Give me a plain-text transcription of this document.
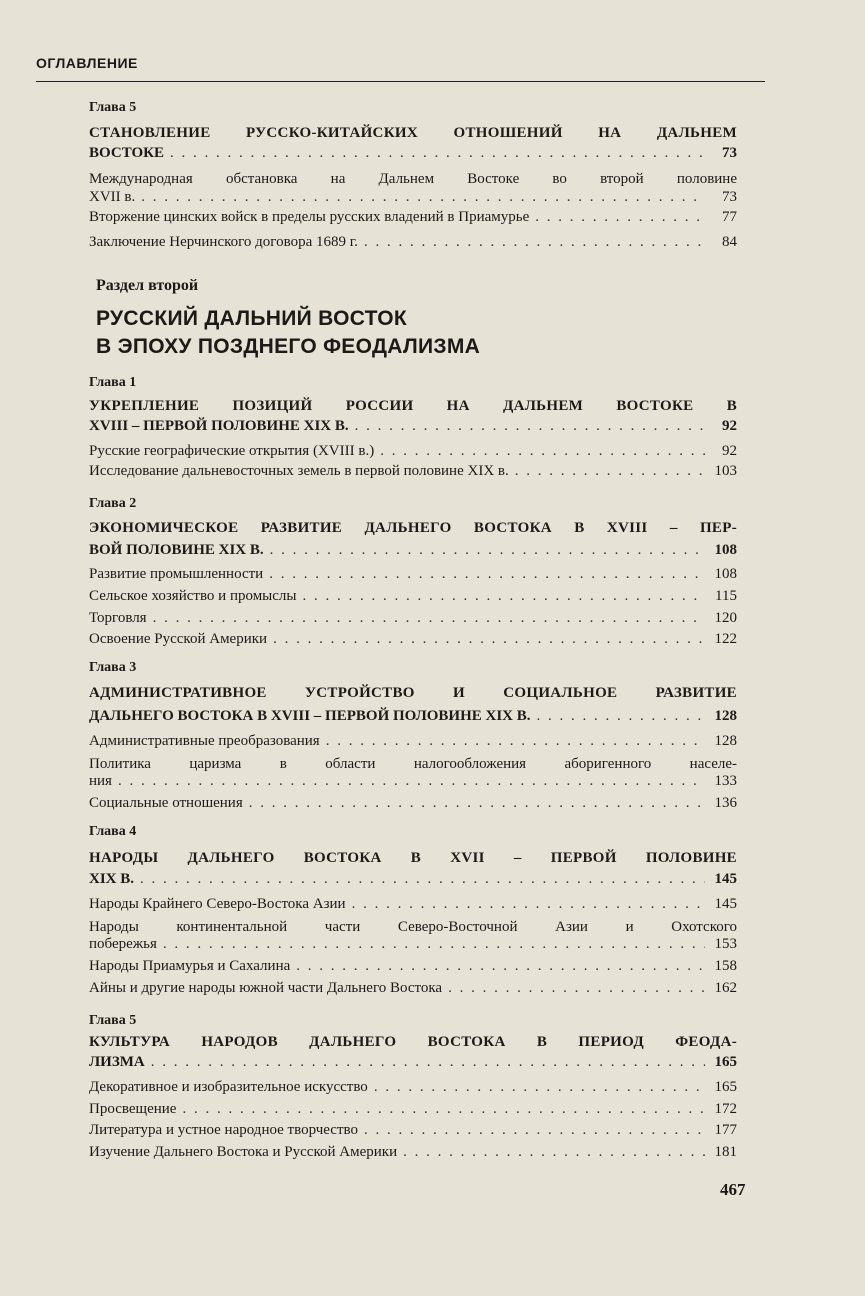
ОГЛАВЛЕНИЕ
Глава 5
СТАНОВЛЕНИЕ РУССКО-КИТАЙСКИХ ОТНОШЕНИЙ НА ДАЛЬНЕМ
ВОСТОКЕ . . .	73
Международная обстановка на Дальнем Востоке во второй половине
XVII в. . . .	73
Вторжение цинских войск в пределы русских владений в Приамурье . . .	77
Заключение Нерчинского договора 1689 г. . . .	84
Раздел второй
РУССКИЙ ДАЛЬНИЙ ВОСТОК
В ЭПОХУ ПОЗДНЕГО ФЕОДАЛИЗМА
Глава 1
УКРЕПЛЕНИЕ ПОЗИЦИЙ РОССИИ НА ДАЛЬНЕМ ВОСТОКЕ В
XVIII – ПЕРВОЙ ПОЛОВИНЕ XIX В. . . .	92
Русские географические открытия (XVIII в.) . . .	92
Исследование дальневосточных земель в первой половине XIX в. . . .	103
Глава 2
ЭКОНОМИЧЕСКОЕ РАЗВИТИЕ ДАЛЬНЕГО ВОСТОКА В XVIII – ПЕР-
ВОЙ ПОЛОВИНЕ XIX В. . . .	108
Развитие промышленности . . .	108
Сельское хозяйство и промыслы . . .	115
Торговля . . .	120
Освоение Русской Америки . . .	122
Глава 3
АДМИНИСТРАТИВНОЕ УСТРОЙСТВО И СОЦИАЛЬНОЕ РАЗВИТИЕ
ДАЛЬНЕГО ВОСТОКА В XVIII – ПЕРВОЙ ПОЛОВИНЕ XIX В. . . .	128
Административные преобразования . . .	128
Политика царизма в области налогообложения аборигенного населе-
ния . . .	133
Социальные отношения . . .	136
Глава 4
НАРОДЫ ДАЛЬНЕГО ВОСТОКА В XVII – ПЕРВОЙ ПОЛОВИНЕ
XIX В. . . .	145
Народы Крайнего Северо-Востока Азии . . .	145
Народы континентальной части Северо-Восточной Азии и Охотского
побережья . . .	153
Народы Приамурья и Сахалина . . .	158
Айны и другие народы южной части Дальнего Востока . . .	162
Глава 5
КУЛЬТУРА НАРОДОВ ДАЛЬНЕГО ВОСТОКА В ПЕРИОД ФЕОДА-
ЛИЗМА . . .	165
Декоративное и изобразительное искусство . . .	165
Просвещение . . .	172
Литература и устное народное творчество . . .	177
Изучение Дальнего Востока и Русской Америки . . .	181
467
